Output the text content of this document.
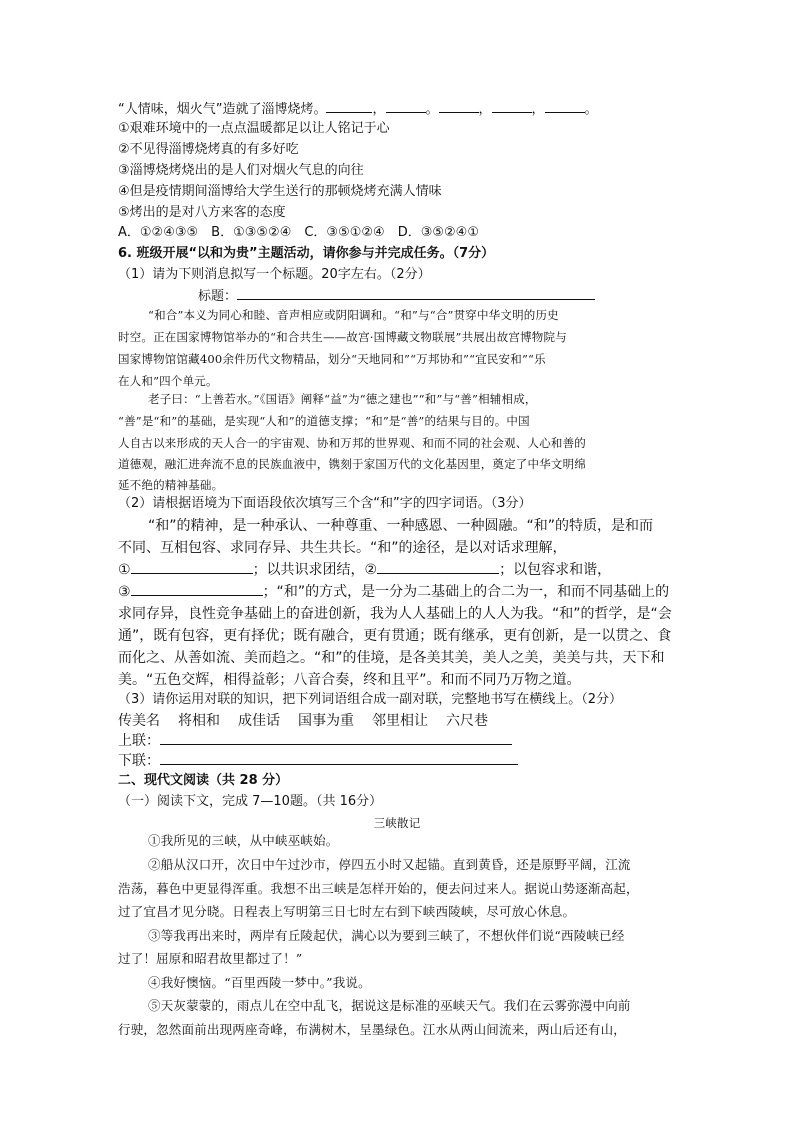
“人情味，烟火气”造就了淄博烧烤。	，	。	，	，	。
①艰难环境中的一点点温暖都足以让人铭记于心
②不见得淄博烧烤真的有多好吃
③淄博烧烤烧出的是人们对烟火气息的向往
④但是疫情期间淄博给大学生送行的那顿烧烤充满人情味
⑤烤出的是对八方来客的态度
A．①②④③⑤　B．①③⑤②④　C．③⑤①②④　D．③⑤②④①
6. 班级开展“以和为贵”主题活动，请你参与并完成任务。（7分）
（1）请为下则消息拟写一个标题。20字左右。（2分）
标题：
“和合”本义为同心和睦、音声相应或阴阳调和。“和”与“合”贯穿中华文明的历史
时空。正在国家博物馆举办的“和合共生——故宫·国博藏文物联展”共展出故宫博物院与
国家博物馆馆藏400余件历代文物精品，划分“天地同和”“万邦协和”“宜民安和”“乐
在人和”四个单元。
老子曰：“上善若水。”《国语》阐释“益”为“德之建也”“和”与“善”相辅相成，
“善”是“和”的基础，是实现“人和”的道德支撑；“和”是“善”的结果与目的。中国
人自古以来形成的天人合一的宇宙观、协和万邦的世界观、和而不同的社会观、人心和善的
道德观，融汇进奔流不息的民族血液中，镌刻于家国万代的文化基因里，奠定了中华文明绵
延不绝的精神基础。
（2）请根据语境为下面语段依次填写三个含“和”字的四字词语。（3分）
“和”的精神，是一种承认、一种尊重、一种感恩、一种圆融。“和”的特质，是和而
不同、互相包容、求同存异、共生共长。“和”的途径，是以对话求理解，
①	；以共识求团结，②	；以包容求和谐，
③	；“和”的方式，是一分为二基础上的合二为一，和而不同基础上的
求同存异，良性竞争基础上的奋进创新，我为人人基础上的人人为我。“和”的哲学，是“会
通”，既有包容，更有择优；既有融合，更有贯通；既有继承，更有创新，是一以贯之、食
而化之、从善如流、美而趋之。“和”的佳境，是各美其美，美人之美，美美与共，天下和
美。“五色交辉，相得益彰；八音合奏，终和且平”。和而不同乃万物之道。
（3）请你运用对联的知识，把下列词语组合成一副对联，完整地书写在横线上。（2分）
传美名 将相和 成佳话 国事为重 邻里相让 六尺巷
上联：
下联：
二、现代文阅读（共 28 分）
（一）阅读下文，完成 7—10题。（共 16分）
三峡散记
①我所见的三峡，从中峡巫峡始。
②船从汉口开，次日中午过沙市，停四五小时又起锚。直到黄昏，还是原野平阔，江流
浩荡，暮色中更显得浑重。我想不出三峡是怎样开始的，便去问过来人。据说山势逐渐高起，
过了宜昌才见分晓。日程表上写明第三日七时左右到下峡西陵峡，尽可放心休息。
③等我再出来时，两岸有丘陵起伏，满心以为要到三峡了，不想伙伴们说“西陵峡已经
过了！屈原和昭君故里都过了！”
④我好懊恼。“百里西陵一梦中。”我说。
⑤天灰蒙蒙的，雨点儿在空中乱飞，据说这是标准的巫峡天气。我们在云雾弥漫中向前
行驶，忽然面前出现两座奇峰，布满树木，呈墨绿色。江水从两山间流来，两山后还有山，
